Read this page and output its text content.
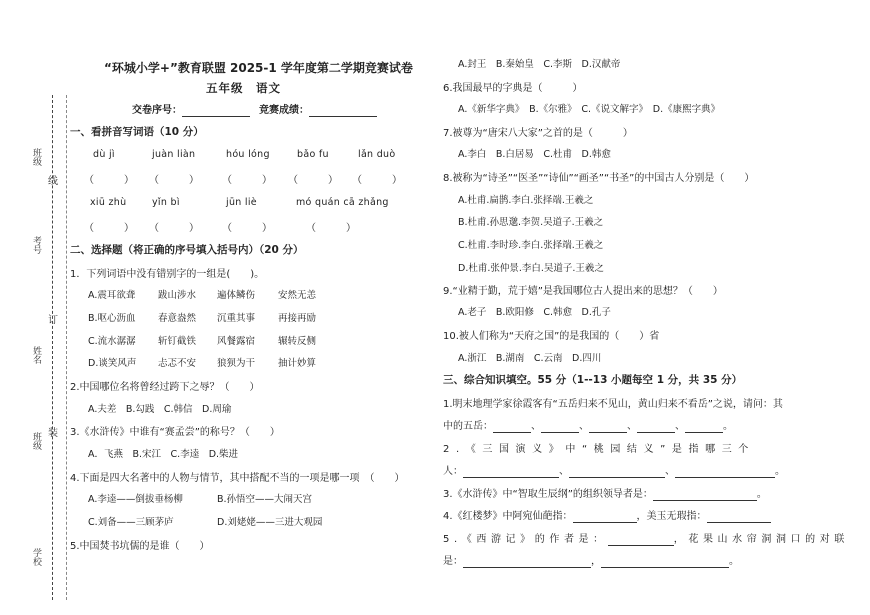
班级
考号
姓名
班级
学校
线
订
装
“环城小学+”教育联盟 2025-1 学年度第二学期竞赛试卷
五年级　语文
交卷序号：	竞赛成绩：
一、看拼音写词语（10 分）
dù jì	juàn liàn	hóu lóng	bǎo fu	lǎn duò
（　　　） （　　　） （　　　） （　　　） （　　　）
xiū zhù	yǐn bì	jūn liè	mó quán cā zhǎng
（　　　） （　　　） （　　　）	（　　　）
二、选择题（将正确的序号填入括号内）（20 分）
1．下列词语中没有错别字的一组是(　　)。
A.震耳欲聋 跋山涉水 遍体鳞伤 安然无恙
B.呕心沥血 春意盎然 沉重其事 再接再励
C.流水潺潺 斩钉截铁 风餐露宿 辗转反侧
D.谈笑风声 忐忑不安 狼狈为干 抽计妙算
2.中国哪位名将曾经过跨下之辱？（　　）
A.夫差　B.勾践　C.韩信　D.周瑜
3.《水浒传》中谁有“赛孟尝”的称号？（　　）
A．飞燕　B.宋江　C.李逵　D.柴进
4.下面是四大名著中的人物与情节，其中搭配不当的一项是哪一项　（　　）
A.李逵——倒拔垂杨柳	B.孙悟空——大闹天宫
C.刘备——三顾茅庐	D.刘姥姥——三进大观园
5.中国焚书坑儒的是谁（　　）
A.封王　B.秦始皇　C.李斯　D.汉献帝
6.我国最早的字典是（　　　）
A.《新华字典》　B.《尔雅》　C.《说文解字》　D.《康熙字典》
7.被尊为“唐宋八大家”之首的是（　　　）
A.李白　B.白居易　C.杜甫　D.韩愈
8.被称为“诗圣”“医圣”“诗仙”“画圣”“书圣”的中国古人分别是（　　）
A.杜甫.扁鹊.李白.张择端.王羲之
B.杜甫.孙思邈.李贺.吴道子.王羲之
C.杜甫.李时珍.李白.张择端.王羲之
D.杜甫.张仲景.李白.吴道子.王羲之
9.“业精于勤，荒于嬉”是我国哪位古人提出来的思想？（　　）
A.老子　B.欧阳修　C.韩愈　D.孔子
10.被人们称为“天府之国”的是我国的（　　）省
A.浙江　B.湖南　C.云南　D.四川
三、综合知识填空。55 分（1--13 小题每空 1 分，共 35 分）
1.明末地理学家徐霞客有“五岳归来不见山，黄山归来不看岳”之说，请问：其
中的五岳：	、	、	、	、	。
2.《三国演义》中“桃园结义”是指哪三个
人：	、	、	。
3.《水浒传》中“智取生辰纲”的组织领导者是：	。
4.《红楼梦》中阿宛仙葩指：	，美玉无瑕指：
5.《西游记》的作者是：	，花果山水帘洞洞口的对联
是：	，	。
